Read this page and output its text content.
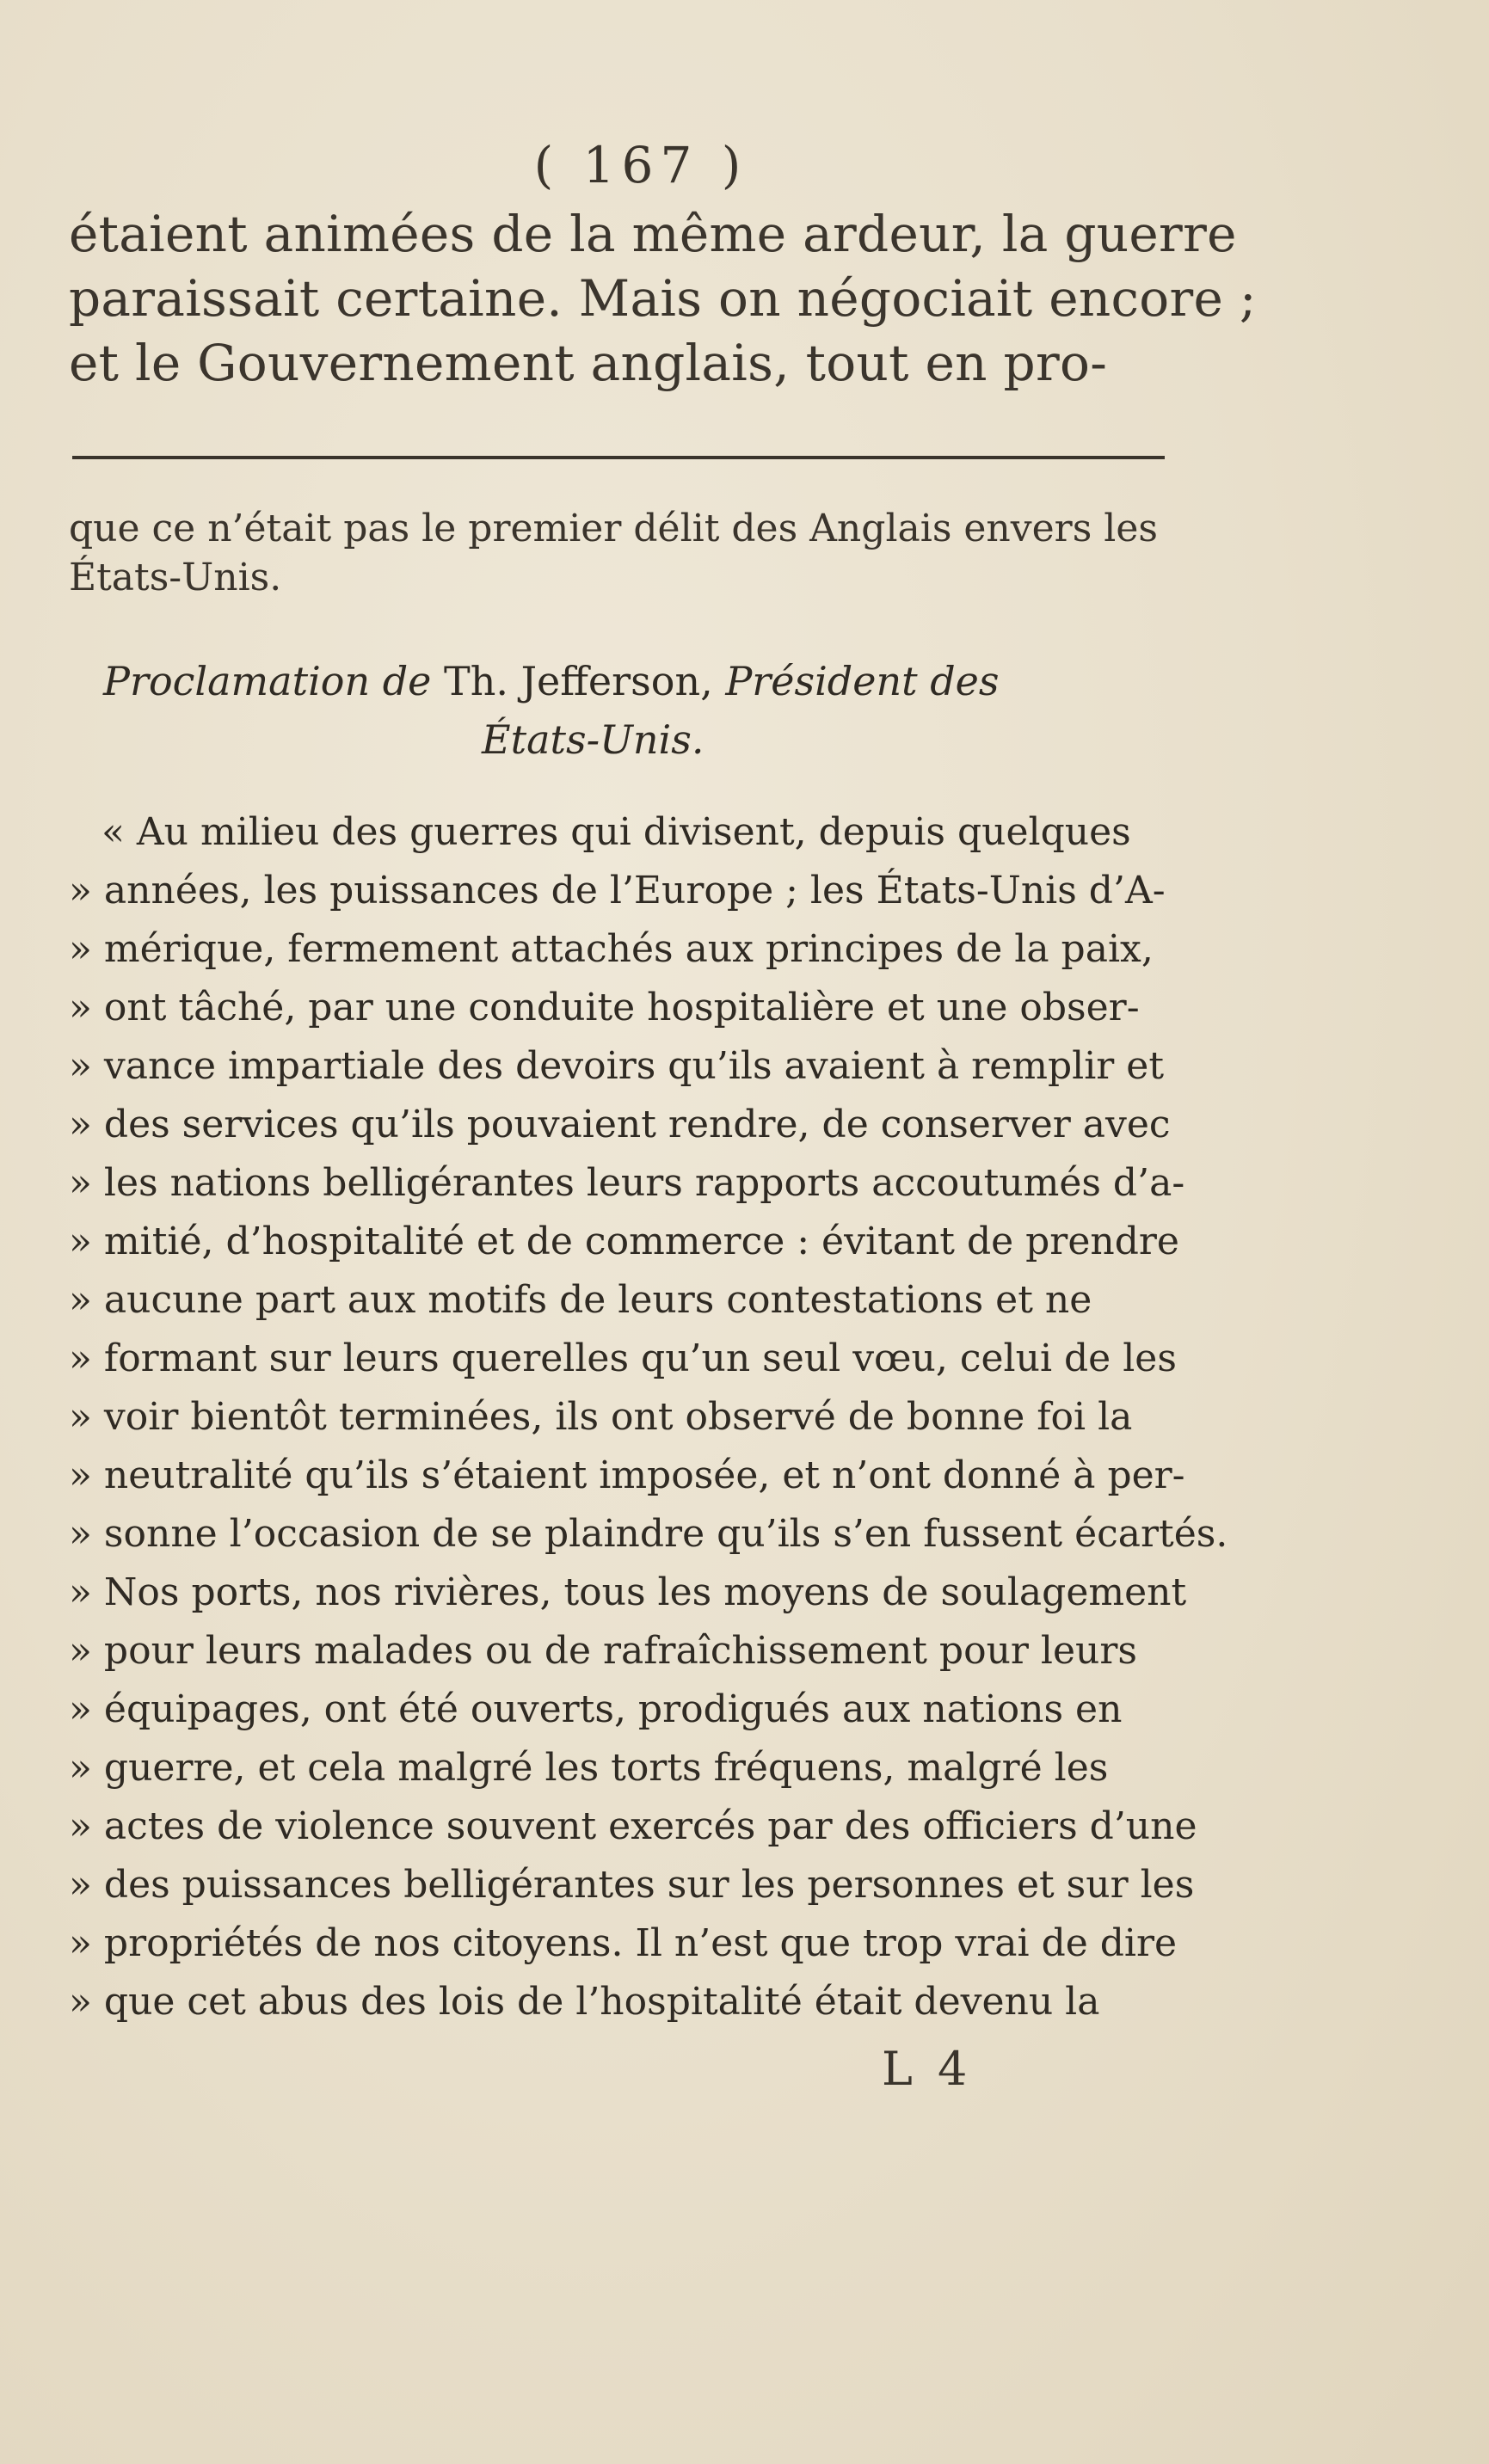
( 167 )
étaient animées de la même ardeur, la guerre
paraissait certaine. Mais on négociait encore ;
et le Gouvernement anglais, tout en pro-
que ce n’était pas le premier délit des Anglais envers les
États-Unis.
Proclamation de Th. Jefferson, Président des
États-Unis.
« Au milieu des guerres qui divisent, depuis quelques
» années, les puissances de l’Europe ; les États-Unis d’A-
» mérique, fermement attachés aux principes de la paix,
» ont tâché, par une conduite hospitalière et une obser-
» vance impartiale des devoirs qu’ils avaient à remplir et
» des services qu’ils pouvaient rendre, de conserver avec
» les nations belligérantes leurs rapports accoutumés d’a-
» mitié, d’hospitalité et de commerce : évitant de prendre
» aucune part aux motifs de leurs contestations et ne
» formant sur leurs querelles qu’un seul vœu, celui de les
» voir bientôt terminées, ils ont observé de bonne foi la
» neutralité qu’ils s’étaient imposée, et n’ont donné à per-
» sonne l’occasion de se plaindre qu’ils s’en fussent écartés.
» Nos ports, nos rivières, tous les moyens de soulagement
» pour leurs malades ou de rafraîchissement pour leurs
» équipages, ont été ouverts, prodigués aux nations en
» guerre, et cela malgré les torts fréquens, malgré les
» actes de violence souvent exercés par des officiers d’une
» des puissances belligérantes sur les personnes et sur les
» propriétés de nos citoyens. Il n’est que trop vrai de dire
» que cet abus des lois de l’hospitalité était devenu la
L 4
